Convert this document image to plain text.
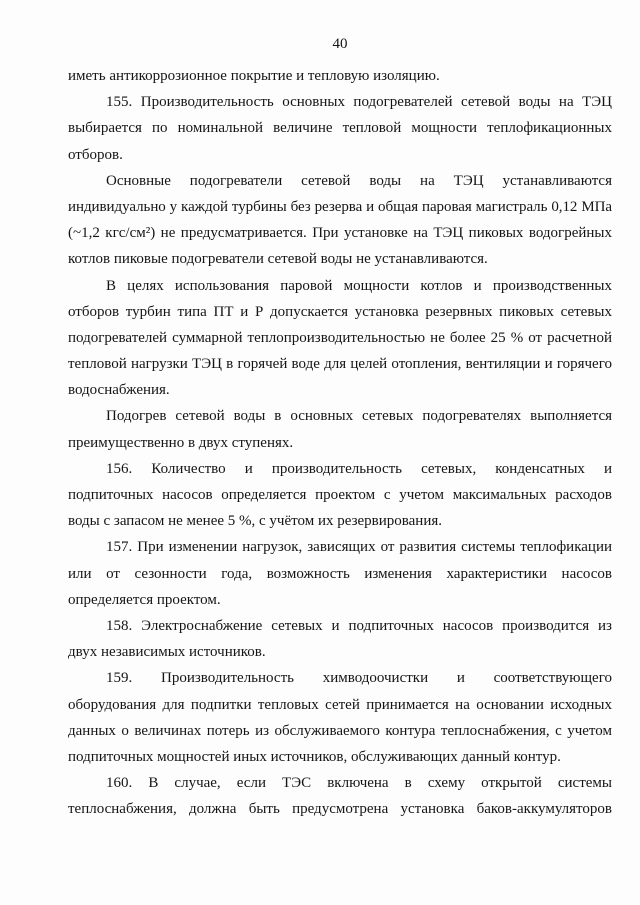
40
иметь антикоррозионное покрытие и тепловую изоляцию.
155. Производительность основных подогревателей сетевой воды на ТЭЦ
выбирается по номинальной величине тепловой мощности теплофикационных
отборов.
Основные подогреватели сетевой воды на ТЭЦ устанавливаются
индивидуально у каждой турбины без резерва и общая паровая магистраль 0,12 МПа
(~1,2 кгс/см²) не предусматривается. При установке на ТЭЦ пиковых водогрейных
котлов пиковые подогреватели сетевой воды не устанавливаются.
В целях использования паровой мощности котлов и производственных
отборов турбин типа ПТ и Р допускается установка резервных пиковых сетевых
подогревателей суммарной теплопроизводительностью не более 25 % от расчетной
тепловой нагрузки ТЭЦ в горячей воде для целей отопления, вентиляции и горячего
водоснабжения.
Подогрев сетевой воды в основных сетевых подогревателях выполняется
преимущественно в двух ступенях.
156. Количество и производительность сетевых, конденсатных и
подпиточных насосов определяется проектом с учетом максимальных расходов
воды с запасом не менее 5 %, с учётом их резервирования.
157. При изменении нагрузок, зависящих от развития системы теплофикации
или от сезонности года, возможность изменения характеристики насосов
определяется проектом.
158. Электроснабжение сетевых и подпиточных насосов производится из
двух независимых источников.
159. Производительность химводоочистки и соответствующего
оборудования для подпитки тепловых сетей принимается на основании исходных
данных о величинах потерь из обслуживаемого контура теплоснабжения, с учетом
подпиточных мощностей иных источников, обслуживающих данный контур.
160. В случае, если ТЭС включена в схему открытой системы
теплоснабжения, должна быть предусмотрена установка баков-аккумуляторов
